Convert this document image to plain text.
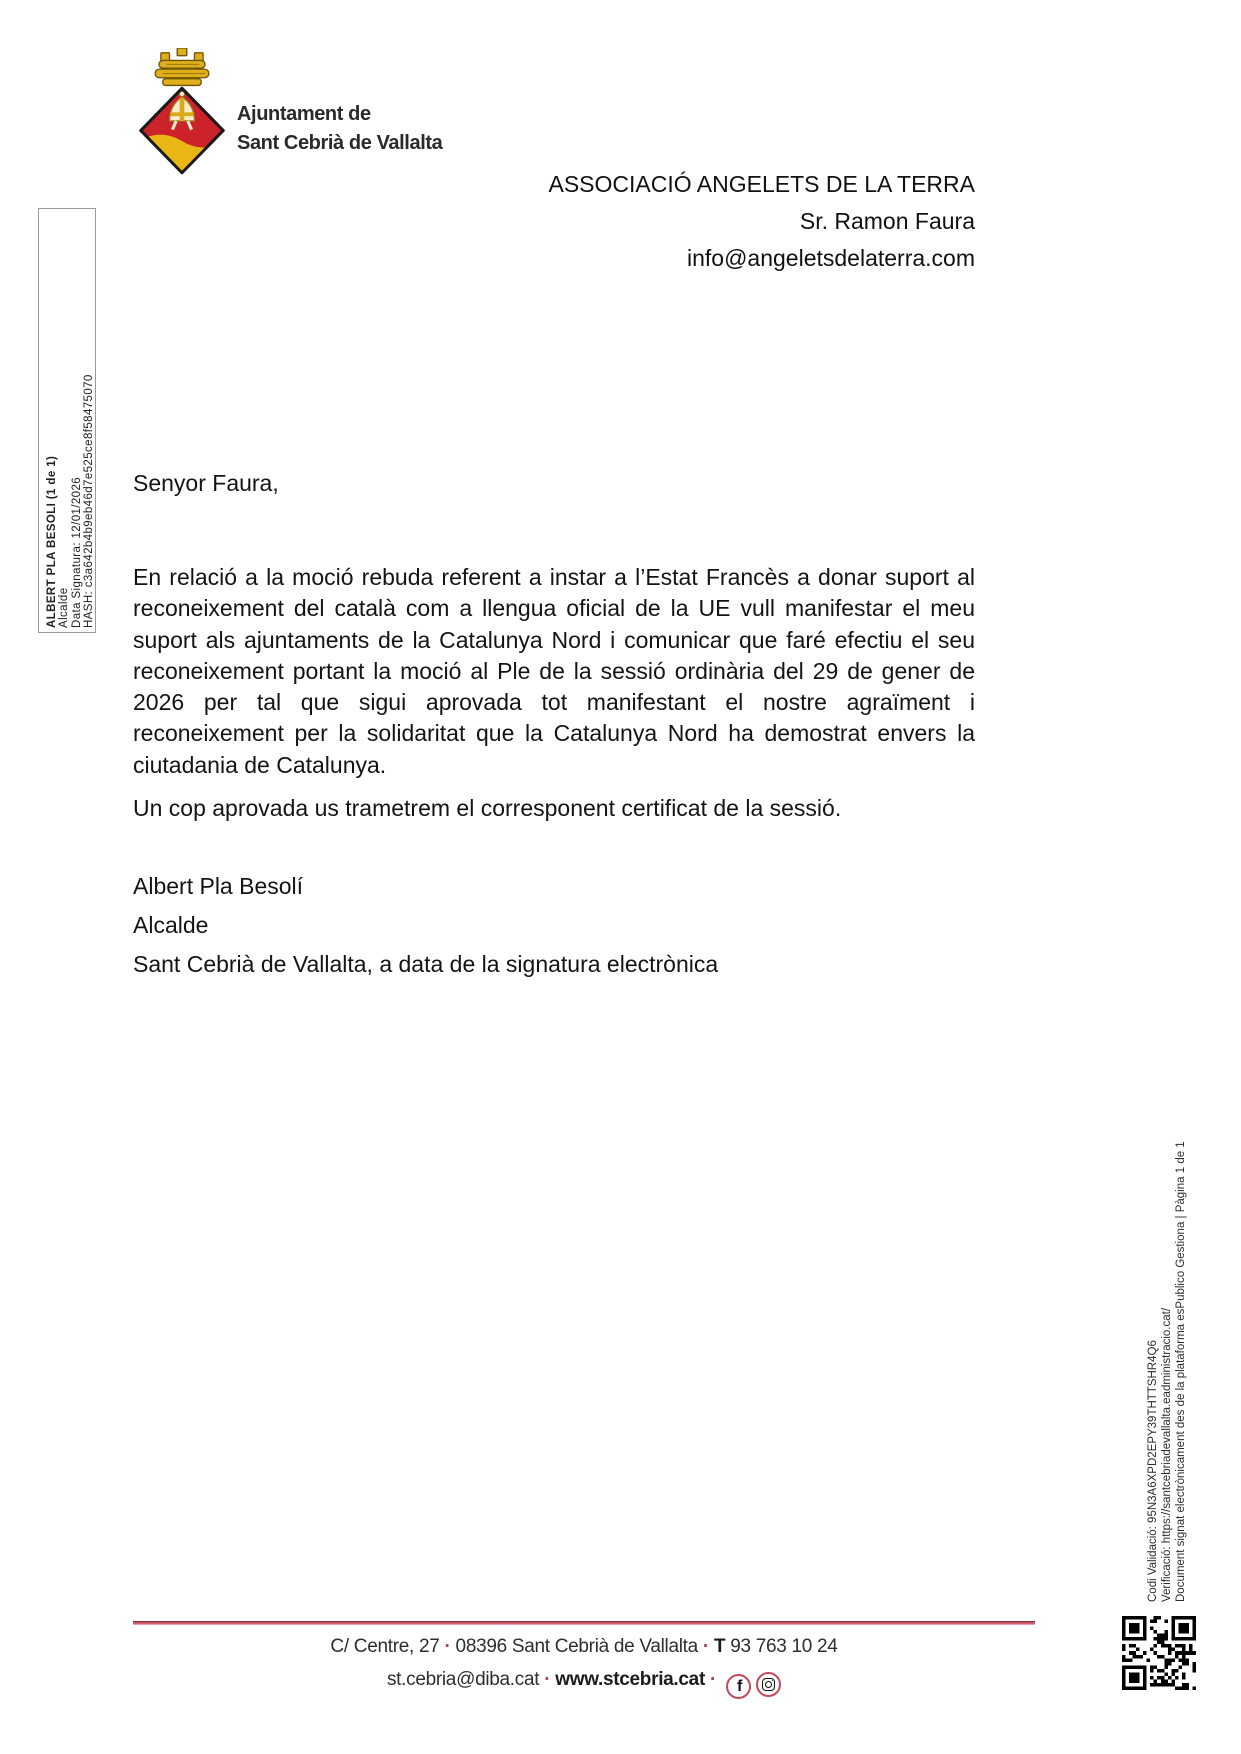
Ajuntament de
Sant Cebrià de Vallalta
ASSOCIACIÓ ANGELETS DE LA TERRA
Sr. Ramon Faura
info@angeletsdelaterra.com
ALBERT PLA BESOLI (1 de 1) Alcalde Data Signatura: 12/01/2026 HASH: c3a642b4b9eb46d7e525ce8f58475070 Senyor Faura,
En relació a la moció rebuda referent a instar a l’Estat Francès a donar suport al reconeixement del català com a llengua oficial de la UE vull manifestar el meu suport als ajuntaments de la Catalunya Nord i comunicar que faré efectiu el seu reconeixement portant la moció al Ple de la sessió ordinària del 29 de gener de 2026 per tal que sigui aprovada tot manifestant el nostre agraïment i reconeixement per la solidaritat que la Catalunya Nord ha demostrat envers la ciutadania de Catalunya.
Un cop aprovada us trametrem el corresponent certificat de la sessió.
Albert Pla Besolí
Alcalde
Sant Cebrià de Vallalta, a data de la signatura electrònica
Codi Validació: 95N3A6XPD2EPY39THTTSHR4Q6 Verificació: https://santcebriadevallalta.eadministracio.cat/ Document signat electrònicament des de la plataforma esPublico Gestiona | Pàgina 1 de 1
C/ Centre, 27 · 08396 Sant Cebrià de Vallalta · T 93 763 10 24
st.cebria@diba.cat · www.stcebria.cat · f
